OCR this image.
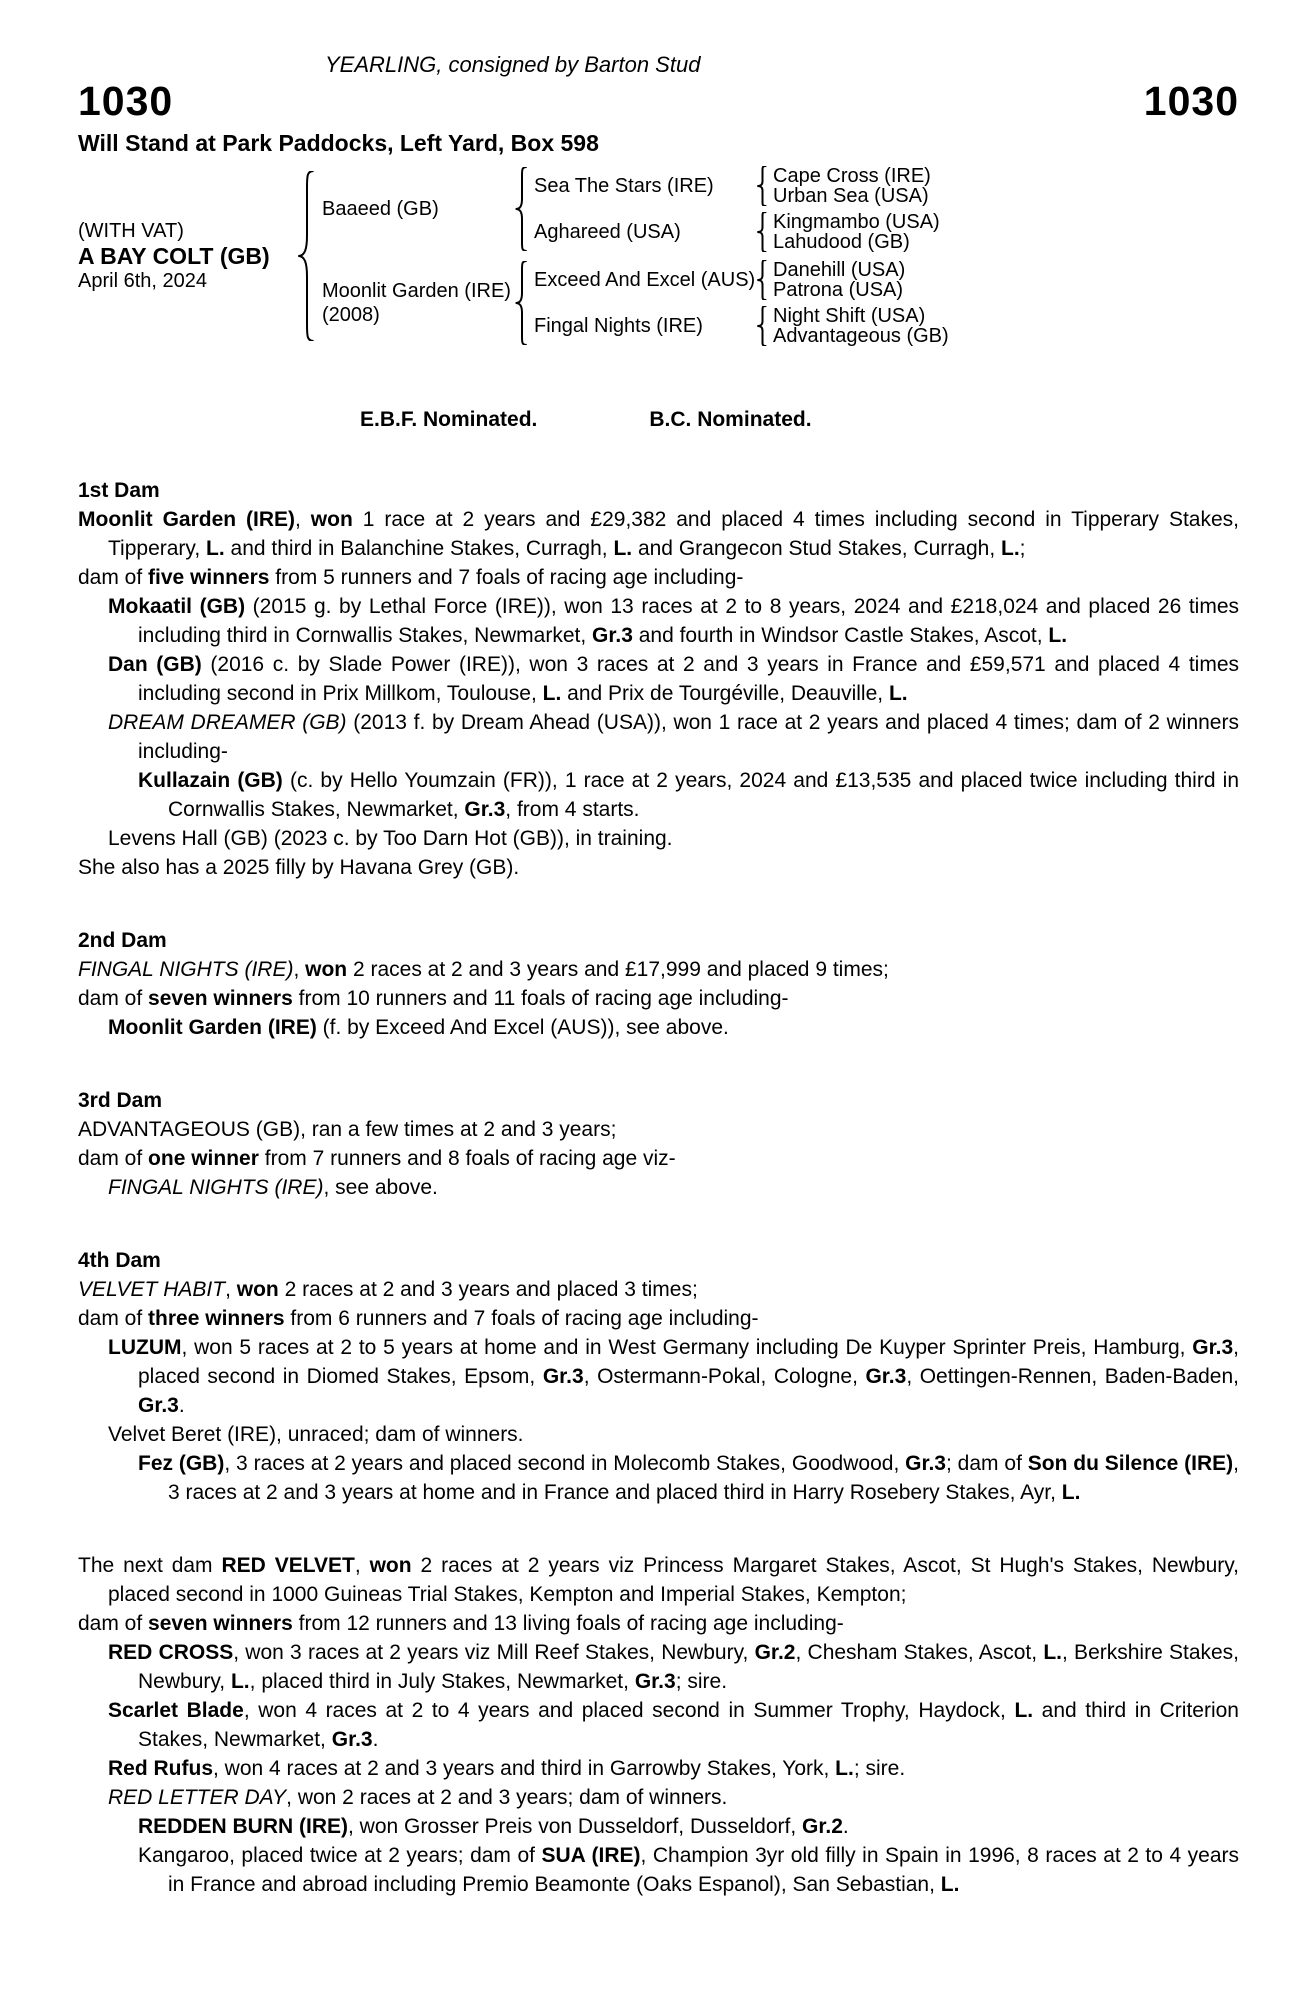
YEARLING, consigned by Barton Stud
1030	1030
Will Stand at Park Paddocks, Left Yard, Box 598
(WITH VAT)
A BAY COLT (GB)
April 6th, 2024
Baaeed (GB)
Sea The Stars (IRE)	Cape Cross (IRE)
Urban Sea (USA)
Aghareed (USA)	Kingmambo (USA)
Lahudood (GB)
Moonlit Garden (IRE)
(2008)
Exceed And Excel (AUS) Danehill (USA)
Patrona (USA)
Fingal Nights (IRE)	Night Shift (USA)
Advantageous (GB)
E.B.F. Nominated.	B.C. Nominated.
1st Dam
Moonlit Garden (IRE), won 1 race at 2 years and £29,382 and placed 4 times including second in Tipperary Stakes, Tipperary, L. and third in Balanchine Stakes, Curragh, L. and Grangecon Stud Stakes, Curragh, L.;
dam of five winners from 5 runners and 7 foals of racing age including-
Mokaatil (GB) (2015 g. by Lethal Force (IRE)), won 13 races at 2 to 8 years, 2024 and £218,024 and placed 26 times including third in Cornwallis Stakes, Newmarket, Gr.3 and fourth in Windsor Castle Stakes, Ascot, L.
Dan (GB) (2016 c. by Slade Power (IRE)), won 3 races at 2 and 3 years in France and £59,571 and placed 4 times including second in Prix Millkom, Toulouse, L. and Prix de Tourgéville, Deauville, L.
DREAM DREAMER (GB) (2013 f. by Dream Ahead (USA)), won 1 race at 2 years and placed 4 times; dam of 2 winners including-
Kullazain (GB) (c. by Hello Youmzain (FR)), 1 race at 2 years, 2024 and £13,535 and placed twice including third in Cornwallis Stakes, Newmarket, Gr.3, from 4 starts.
Levens Hall (GB) (2023 c. by Too Darn Hot (GB)), in training.
She also has a 2025 filly by Havana Grey (GB).
2nd Dam
FINGAL NIGHTS (IRE), won 2 races at 2 and 3 years and £17,999 and placed 9 times;
dam of seven winners from 10 runners and 11 foals of racing age including-
Moonlit Garden (IRE) (f. by Exceed And Excel (AUS)), see above.
3rd Dam
ADVANTAGEOUS (GB), ran a few times at 2 and 3 years;
dam of one winner from 7 runners and 8 foals of racing age viz-
FINGAL NIGHTS (IRE), see above.
4th Dam
VELVET HABIT, won 2 races at 2 and 3 years and placed 3 times;
dam of three winners from 6 runners and 7 foals of racing age including-
LUZUM, won 5 races at 2 to 5 years at home and in West Germany including De Kuyper Sprinter Preis, Hamburg, Gr.3, placed second in Diomed Stakes, Epsom, Gr.3, Ostermann-Pokal, Cologne, Gr.3, Oettingen-Rennen, Baden-Baden, Gr.3.
Velvet Beret (IRE), unraced; dam of winners.
Fez (GB), 3 races at 2 years and placed second in Molecomb Stakes, Goodwood, Gr.3; dam of Son du Silence (IRE), 3 races at 2 and 3 years at home and in France and placed third in Harry Rosebery Stakes, Ayr, L.
The next dam RED VELVET, won 2 races at 2 years viz Princess Margaret Stakes, Ascot, St Hugh's Stakes, Newbury, placed second in 1000 Guineas Trial Stakes, Kempton and Imperial Stakes, Kempton;
dam of seven winners from 12 runners and 13 living foals of racing age including-
RED CROSS, won 3 races at 2 years viz Mill Reef Stakes, Newbury, Gr.2, Chesham Stakes, Ascot, L., Berkshire Stakes, Newbury, L., placed third in July Stakes, Newmarket, Gr.3; sire.
Scarlet Blade, won 4 races at 2 to 4 years and placed second in Summer Trophy, Haydock, L. and third in Criterion Stakes, Newmarket, Gr.3.
Red Rufus, won 4 races at 2 and 3 years and third in Garrowby Stakes, York, L.; sire.
RED LETTER DAY, won 2 races at 2 and 3 years; dam of winners.
REDDEN BURN (IRE), won Grosser Preis von Dusseldorf, Dusseldorf, Gr.2.
Kangaroo, placed twice at 2 years; dam of SUA (IRE), Champion 3yr old filly in Spain in 1996, 8 races at 2 to 4 years in France and abroad including Premio Beamonte (Oaks Espanol), San Sebastian, L.
